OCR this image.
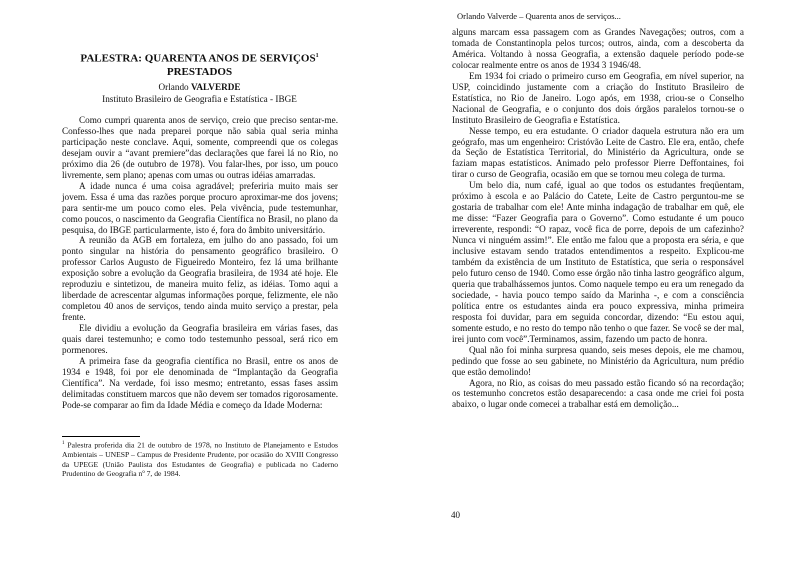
PALESTRA: QUARENTA ANOS DE SERVIÇOS$^1$
PRESTADOS
Orlando VALVERDE
Instituto Brasileiro de Geografia e Estatística - IBGE

Como cumpri quarenta anos de serviço, creio que preciso sentar-me. Confesso-lhes que nada preparei porque não sabia qual seria minha participação neste conclave. Aqui, somente, compreendi que os colegas desejam ouvir a “avant premiere”das declarações que farei lá no Rio, no próximo dia 26 (de outubro de 1978). Vou falar-lhes, por isso, um pouco livremente, sem plano; apenas com umas ou outras idéias amarradas.

A idade nunca é uma coisa agradável; preferiria muito mais ser jovem. Essa é uma das razões porque procuro aproximar-me dos jovens; para sentir-me um pouco como eles. Pela vivência, pude testemunhar, como poucos, o nascimento da Geografia Científica no Brasil, no plano da pesquisa, do IBGE particularmente, isto é, fora do âmbito universitário.

A reunião da AGB em fortaleza, em julho do ano passado, foi um ponto singular na história do pensamento geográfico brasileiro. O professor Carlos Augusto de Figueiredo Monteiro, fez lá uma brilhante exposição sobre a evolução da Geografia brasileira, de 1934 até hoje. Ele reproduziu e sintetizou, de maneira muito feliz, as idéias. Tomo aqui a liberdade de acrescentar algumas informações porque, felizmente, ele não completou 40 anos de serviços, tendo ainda muito serviço a prestar, pela frente.

Ele dividiu a evolução da Geografia brasileira em várias fases, das quais darei testemunho; e como todo testemunho pessoal, será rico em pormenores.

A primeira fase da geografia científica no Brasil, entre os anos de 1934 e 1948, foi por ele denominada de “Implantação da Geografia Científica”. Na verdade, foi isso mesmo; entretanto, essas fases assim delimitadas constituem marcos que não devem ser tomados rigorosamente. Pode-se comparar ao fim da Idade Média e começo da Idade Moderna:

$^1$ Palestra proferida dia 21 de outubro de 1978, no Instituto de Planejamento e Estudos Ambientais – UNESP – Campus de Presidente Prudente, por ocasião do XVIII Congresso da UPEGE (União Paulista dos Estudantes de Geografia) e publicada no Caderno Prudentino de Geografia nº 7, de 1984.

Orlando Valverde – Quarenta anos de serviços...

alguns marcam essa passagem com as Grandes Navegações; outros, com a tomada de Constantinopla pelos turcos; outros, ainda, com a descoberta da América. Voltando à nossa Geografia, a extensão daquele período pode-se colocar realmente entre os anos de 1934 3 1946/48.

Em 1934 foi criado o primeiro curso em Geografia, em nível superior, na USP, coincidindo justamente com a criação do Instituto Brasileiro de Estatística, no Rio de Janeiro. Logo após, em 1938, criou-se o Conselho Nacional de Geografia, e o conjunto dos dois órgãos paralelos tornou-se o Instituto Brasileiro de Geografia e Estatística.

Nesse tempo, eu era estudante. O criador daquela estrutura não era um geógrafo, mas um engenheiro: Cristóvão Leite de Castro. Ele era, então, chefe da Seção de Estatística Territorial, do Ministério da Agricultura, onde se faziam mapas estatísticos. Animado pelo professor Pierre Deffontaines, foi tirar o curso de Geografia, ocasião em que se tornou meu colega de turma.

Um belo dia, num café, igual ao que todos os estudantes freqüentam, próximo à escola e ao Palácio do Catete, Leite de Castro perguntou-me se gostaria de trabalhar com ele! Ante minha indagação de trabalhar em quê, ele me disse: “Fazer Geografia para o Governo”. Como estudante é um pouco irreverente, respondi: “O rapaz, você fica de porre, depois de um cafezinho? Nunca vi ninguém assim!”. Ele então me falou que a proposta era séria, e que inclusive estavam sendo tratados entendimentos a respeito. Explicou-me também da existência de um Instituto de Estatística, que seria o responsável pelo futuro censo de 1940. Como esse órgão não tinha lastro geográfico algum, queria que trabalhássemos juntos. Como naquele tempo eu era um renegado da sociedade, - havia pouco tempo saído da Marinha -, e com a consciência política entre os estudantes ainda era pouco expressiva, minha primeira resposta foi duvidar, para em seguida concordar, dizendo: “Eu estou aqui, somente estudo, e no resto do tempo não tenho o que fazer. Se você se der mal, irei junto com você”.Terminamos, assim, fazendo um pacto de honra.

Qual não foi minha surpresa quando, seis meses depois, ele me chamou, pedindo que fosse ao seu gabinete, no Ministério da Agricultura, num prédio que estão demolindo!

Agora, no Rio, as coisas do meu passado estão ficando só na recordação; os testemunho concretos estão desaparecendo: a casa onde me criei foi posta abaixo, o lugar onde comecei a trabalhar está em demolição...

40
